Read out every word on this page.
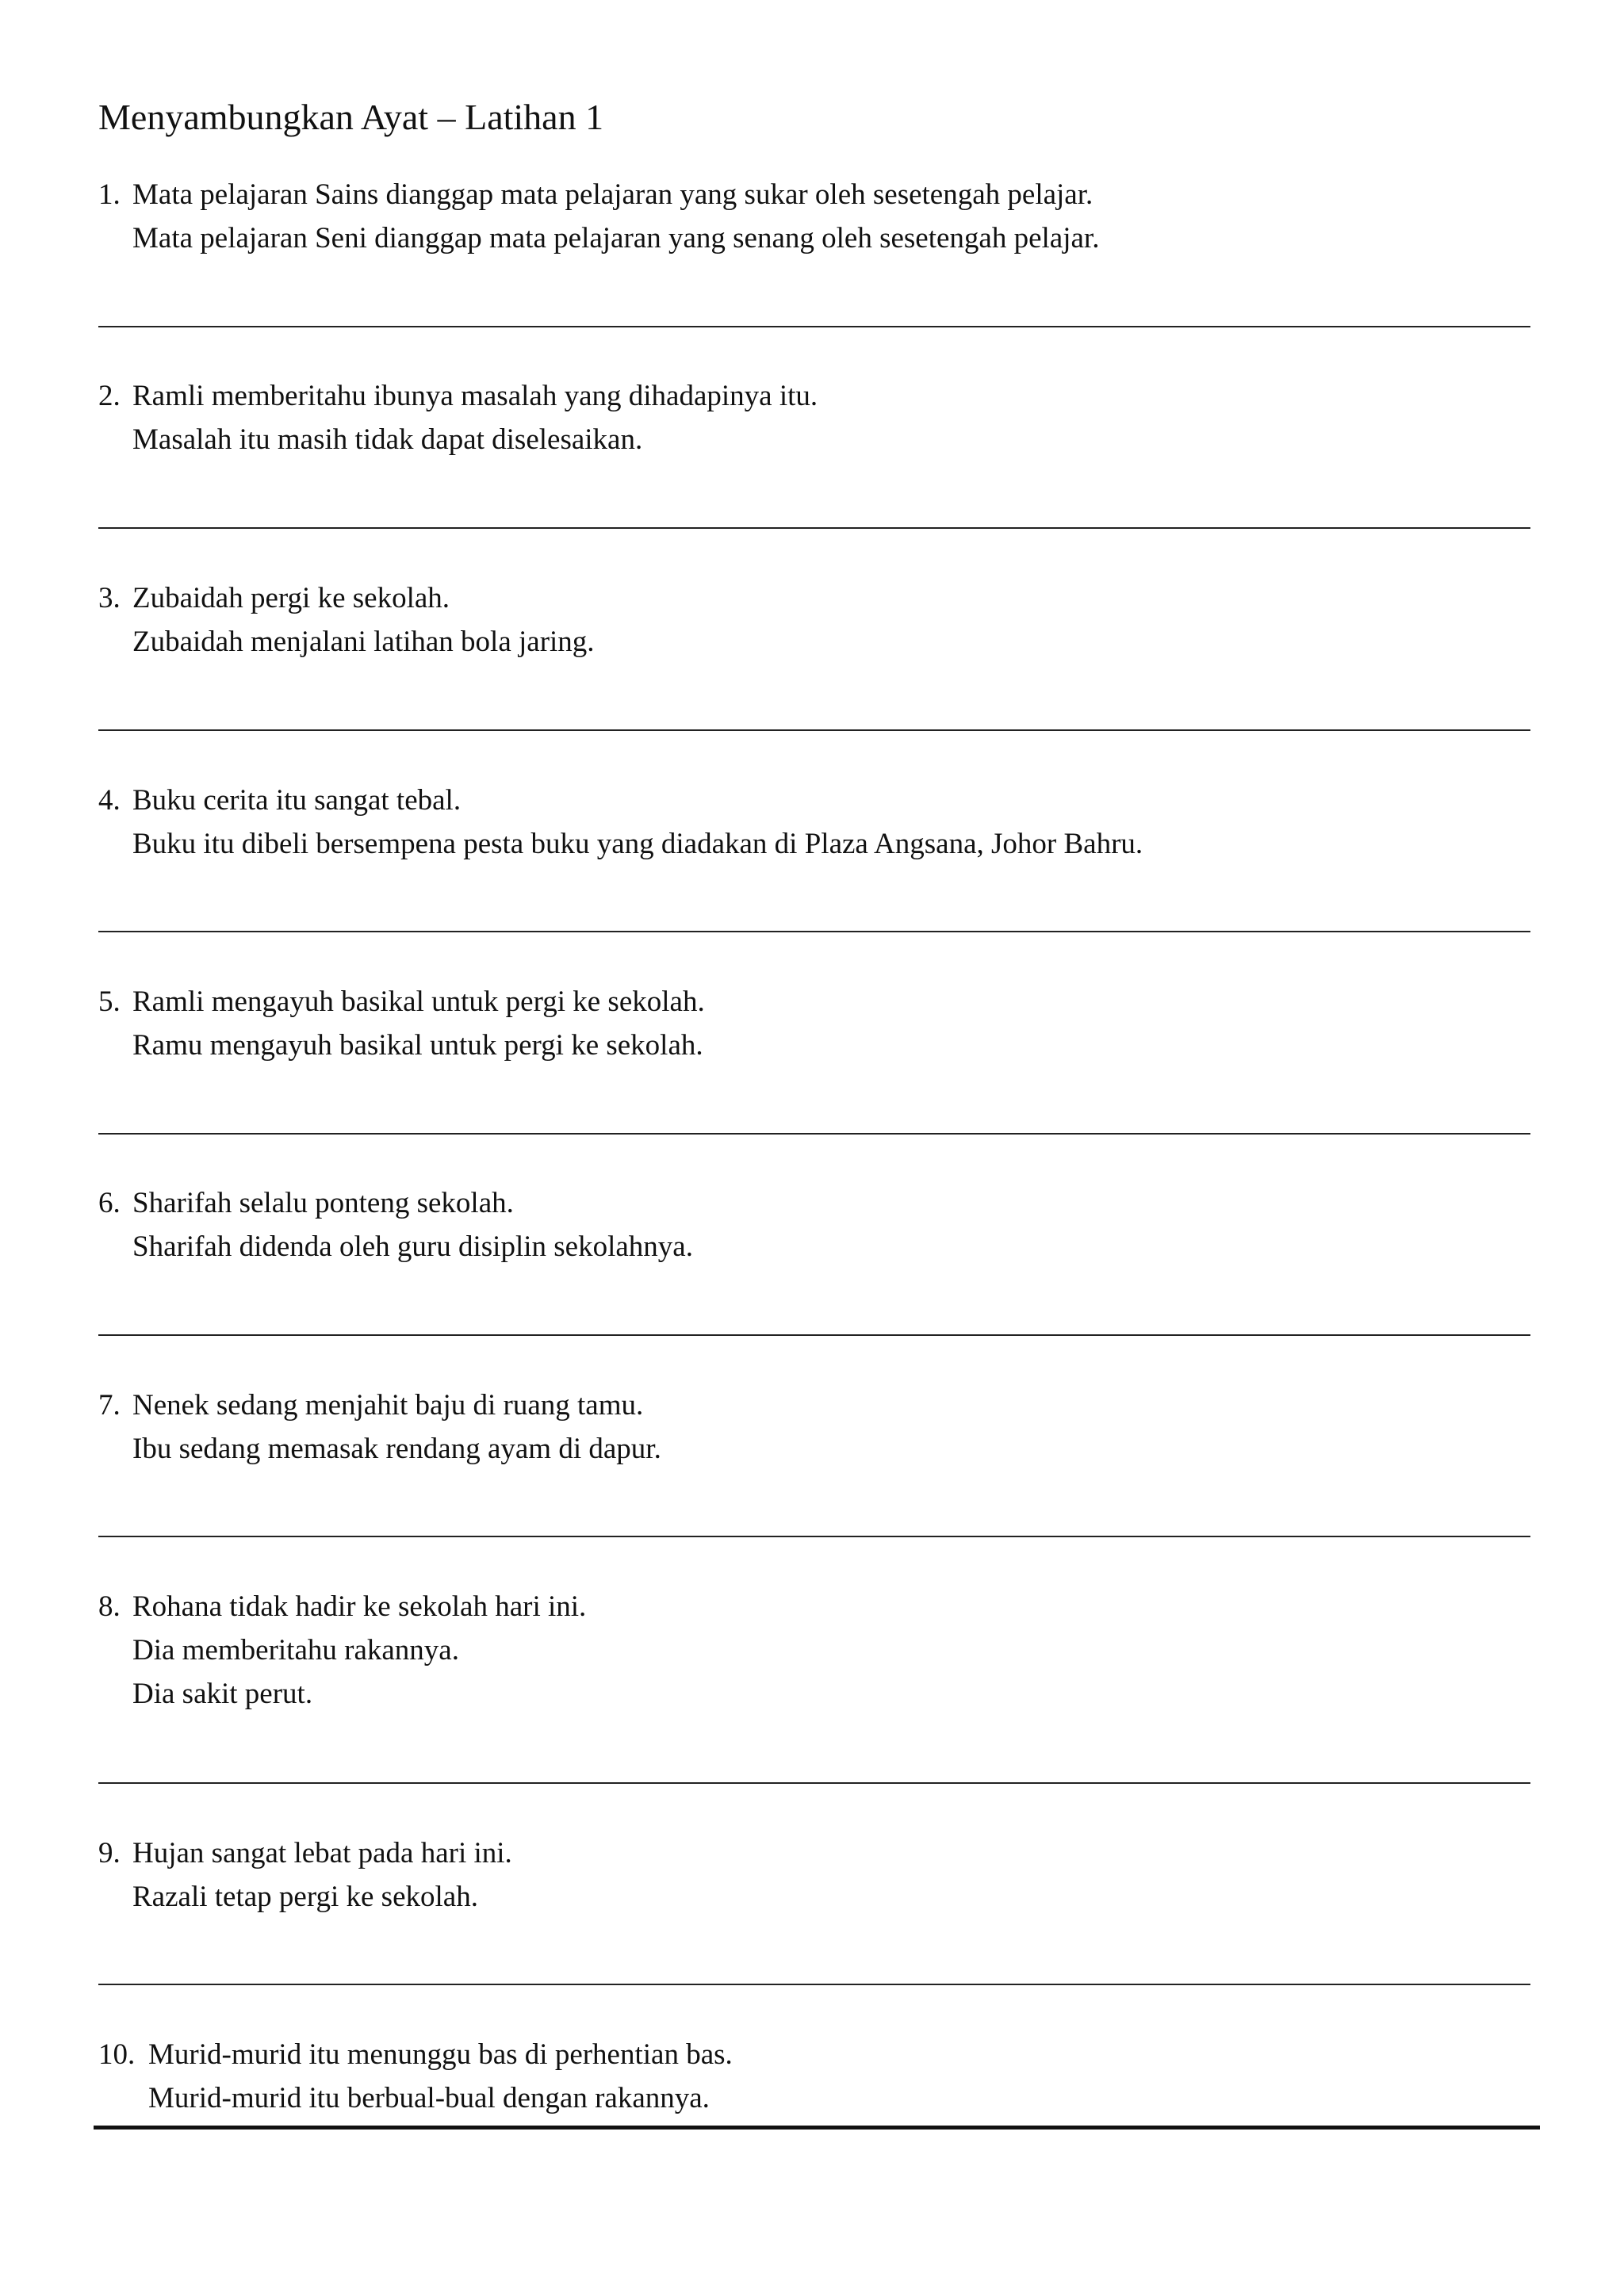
Menyambungkan Ayat – Latihan 1
1. Mata pelajaran Sains dianggap mata pelajaran yang sukar oleh sesetengah pelajar.
Mata pelajaran Seni dianggap mata pelajaran yang senang oleh sesetengah pelajar.
2. Ramli memberitahu ibunya masalah yang dihadapinya itu.
Masalah itu masih tidak dapat diselesaikan.
3. Zubaidah pergi ke sekolah.
Zubaidah menjalani latihan bola jaring.
4. Buku cerita itu sangat tebal.
Buku itu dibeli bersempena pesta buku yang diadakan di Plaza Angsana, Johor Bahru.
5. Ramli mengayuh basikal untuk pergi ke sekolah.
Ramu mengayuh basikal untuk pergi ke sekolah.
6. Sharifah selalu ponteng sekolah.
Sharifah didenda oleh guru disiplin sekolahnya.
7. Nenek sedang menjahit baju di ruang tamu.
Ibu sedang memasak rendang ayam di dapur.
8. Rohana tidak hadir ke sekolah hari ini.
Dia memberitahu rakannya.
Dia sakit perut.
9. Hujan sangat lebat pada hari ini.
Razali tetap pergi ke sekolah.
10. Murid-murid itu menunggu bas di perhentian bas.
Murid-murid itu berbual-bual dengan rakannya.
